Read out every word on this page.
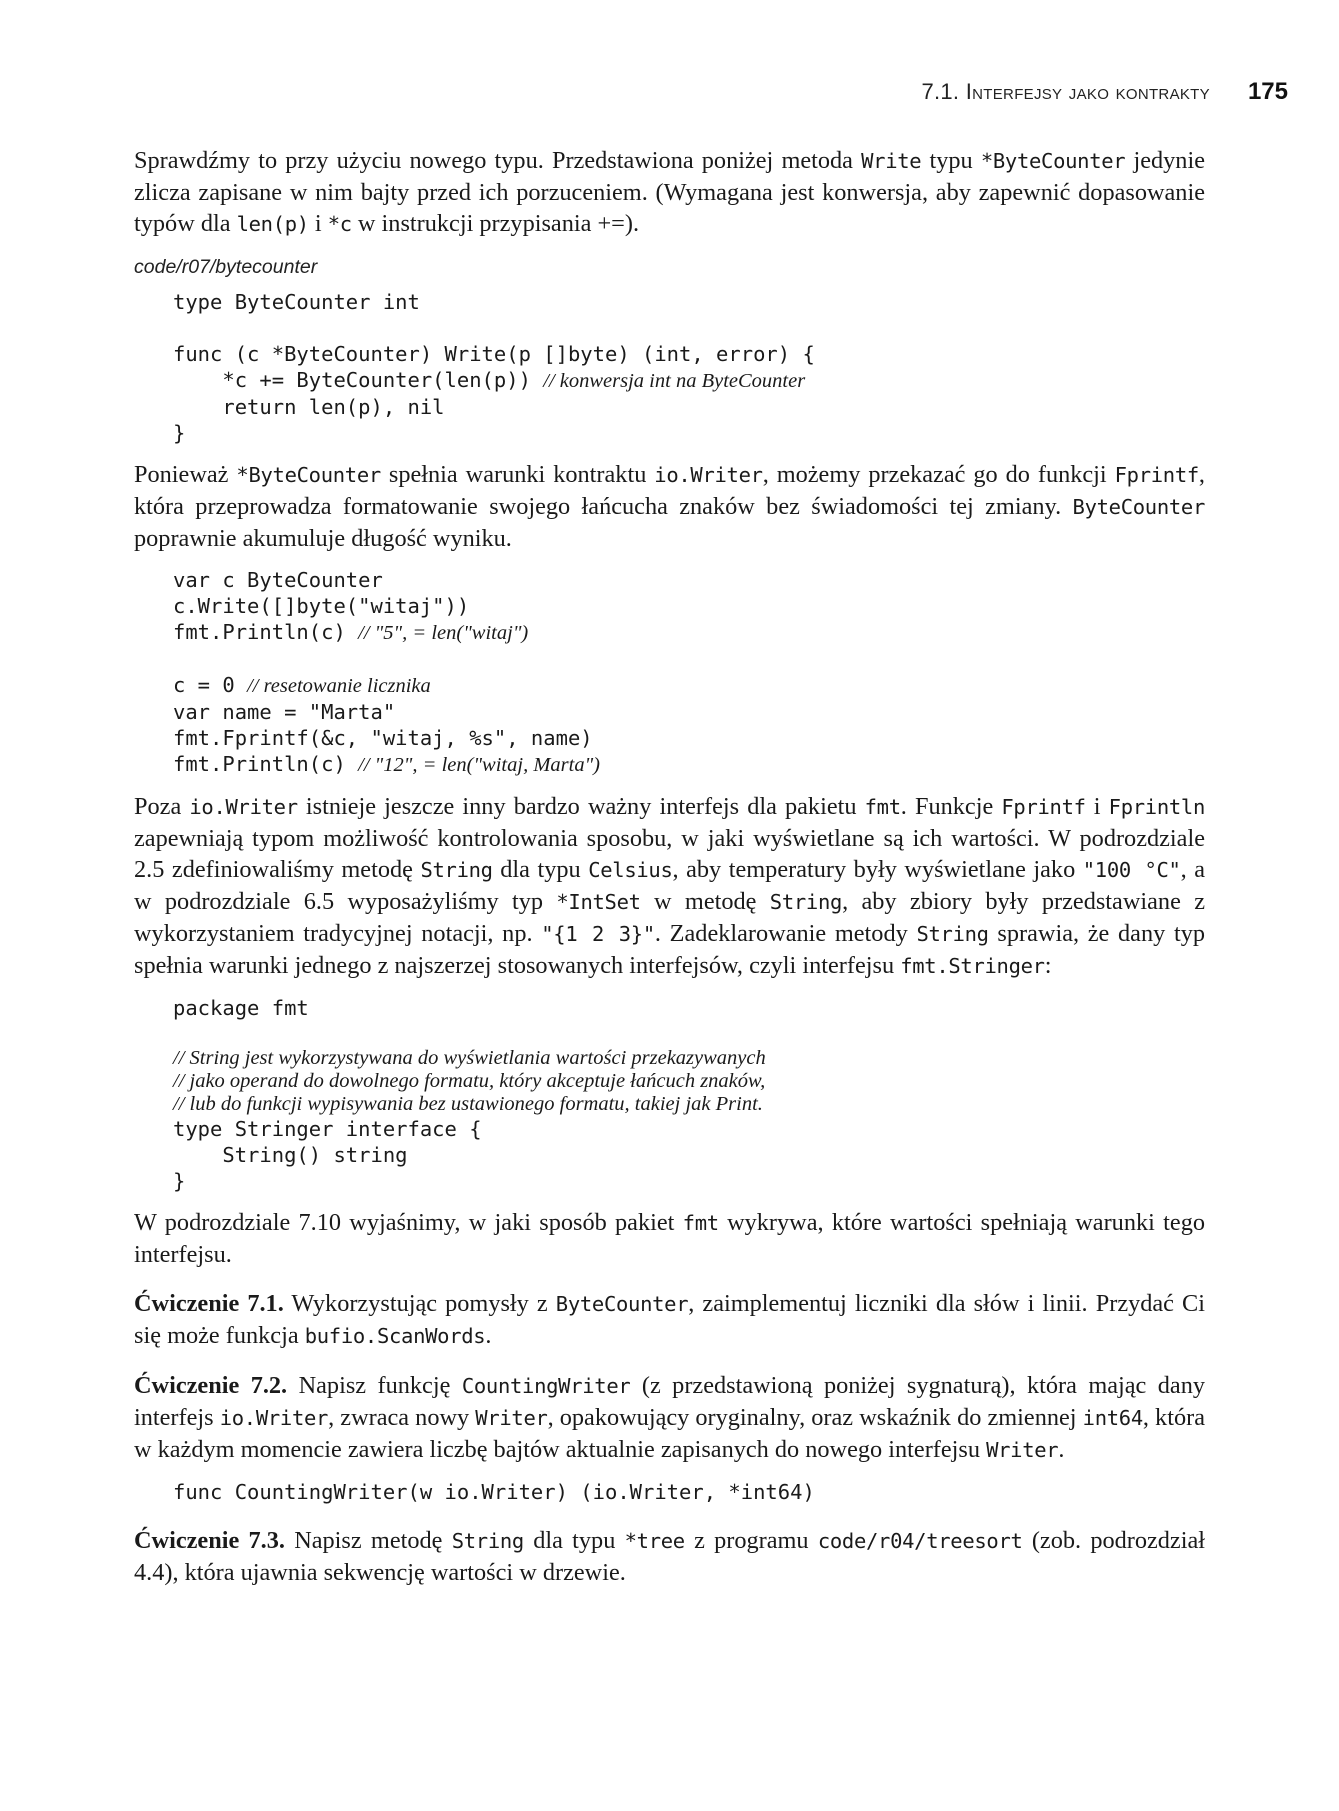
7.1. Interfejsy jako kontrakty 175

Sprawdźmy to przy użyciu nowego typu. Przedstawiona poniżej metoda Write typu *ByteCounter jedynie zlicza zapisane w nim bajty przed ich porzuceniem. (Wymagana jest konwersja, aby zapewnić dopasowanie typów dla len(p) i *c w instrukcji przypisania +=).

code/r07/bytecounter
type ByteCounter int
func (c *ByteCounter) Write(p []byte) (int, error) {
*c += ByteCounter(len(p)) // konwersja int na ByteCounter
return len(p), nil
}

Ponieważ *ByteCounter spełnia warunki kontraktu io.Writer, możemy przekazać go do funkcji Fprintf, która przeprowadza formatowanie swojego łańcucha znaków bez świadomości tej zmiany. ByteCounter poprawnie akumuluje długość wyniku.

var c ByteCounter
c.Write([]byte("witaj"))
fmt.Println(c) // "5", = len("witaj")
c = 0 // resetowanie licznika
var name = "Marta"
fmt.Fprintf(&c, "witaj, %s", name)
fmt.Println(c) // "12", = len("witaj, Marta")

Poza io.Writer istnieje jeszcze inny bardzo ważny interfejs dla pakietu fmt. Funkcje Fprintf i Fprintln zapewniają typom możliwość kontrolowania sposobu, w jaki wyświetlane są ich wartości. W podrozdziale 2.5 zdefiniowaliśmy metodę String dla typu Celsius, aby temperatury były wyświetlane jako "100 °C", a w podrozdziale 6.5 wyposażyliśmy typ *IntSet w metodę String, aby zbiory były przedstawiane z wykorzystaniem tradycyjnej notacji, np. "{1 2 3}". Zadeklarowanie metody String sprawia, że dany typ spełnia warunki jednego z najszerzej stosowanych interfejsów, czyli interfejsu fmt.Stringer:

package fmt
// String jest wykorzystywana do wyświetlania wartości przekazywanych
// jako operand do dowolnego formatu, który akceptuje łańcuch znaków,
// lub do funkcji wypisywania bez ustawionego formatu, takiej jak Print.
type Stringer interface {
String() string
}

W podrozdziale 7.10 wyjaśnimy, w jaki sposób pakiet fmt wykrywa, które wartości spełniają warunki tego interfejsu.

Ćwiczenie 7.1. Wykorzystując pomysły z ByteCounter, zaimplementuj liczniki dla słów i linii. Przydać Ci się może funkcja bufio.ScanWords.

Ćwiczenie 7.2. Napisz funkcję CountingWriter (z przedstawioną poniżej sygnaturą), która mając dany interfejs io.Writer, zwraca nowy Writer, opakowujący oryginalny, oraz wskaźnik do zmiennej int64, która w każdym momencie zawiera liczbę bajtów aktualnie zapisanych do nowego interfejsu Writer.

func CountingWriter(w io.Writer) (io.Writer, *int64)

Ćwiczenie 7.3. Napisz metodę String dla typu *tree z programu code/r04/treesort (zob. podrozdział 4.4), która ujawnia sekwencję wartości w drzewie.
